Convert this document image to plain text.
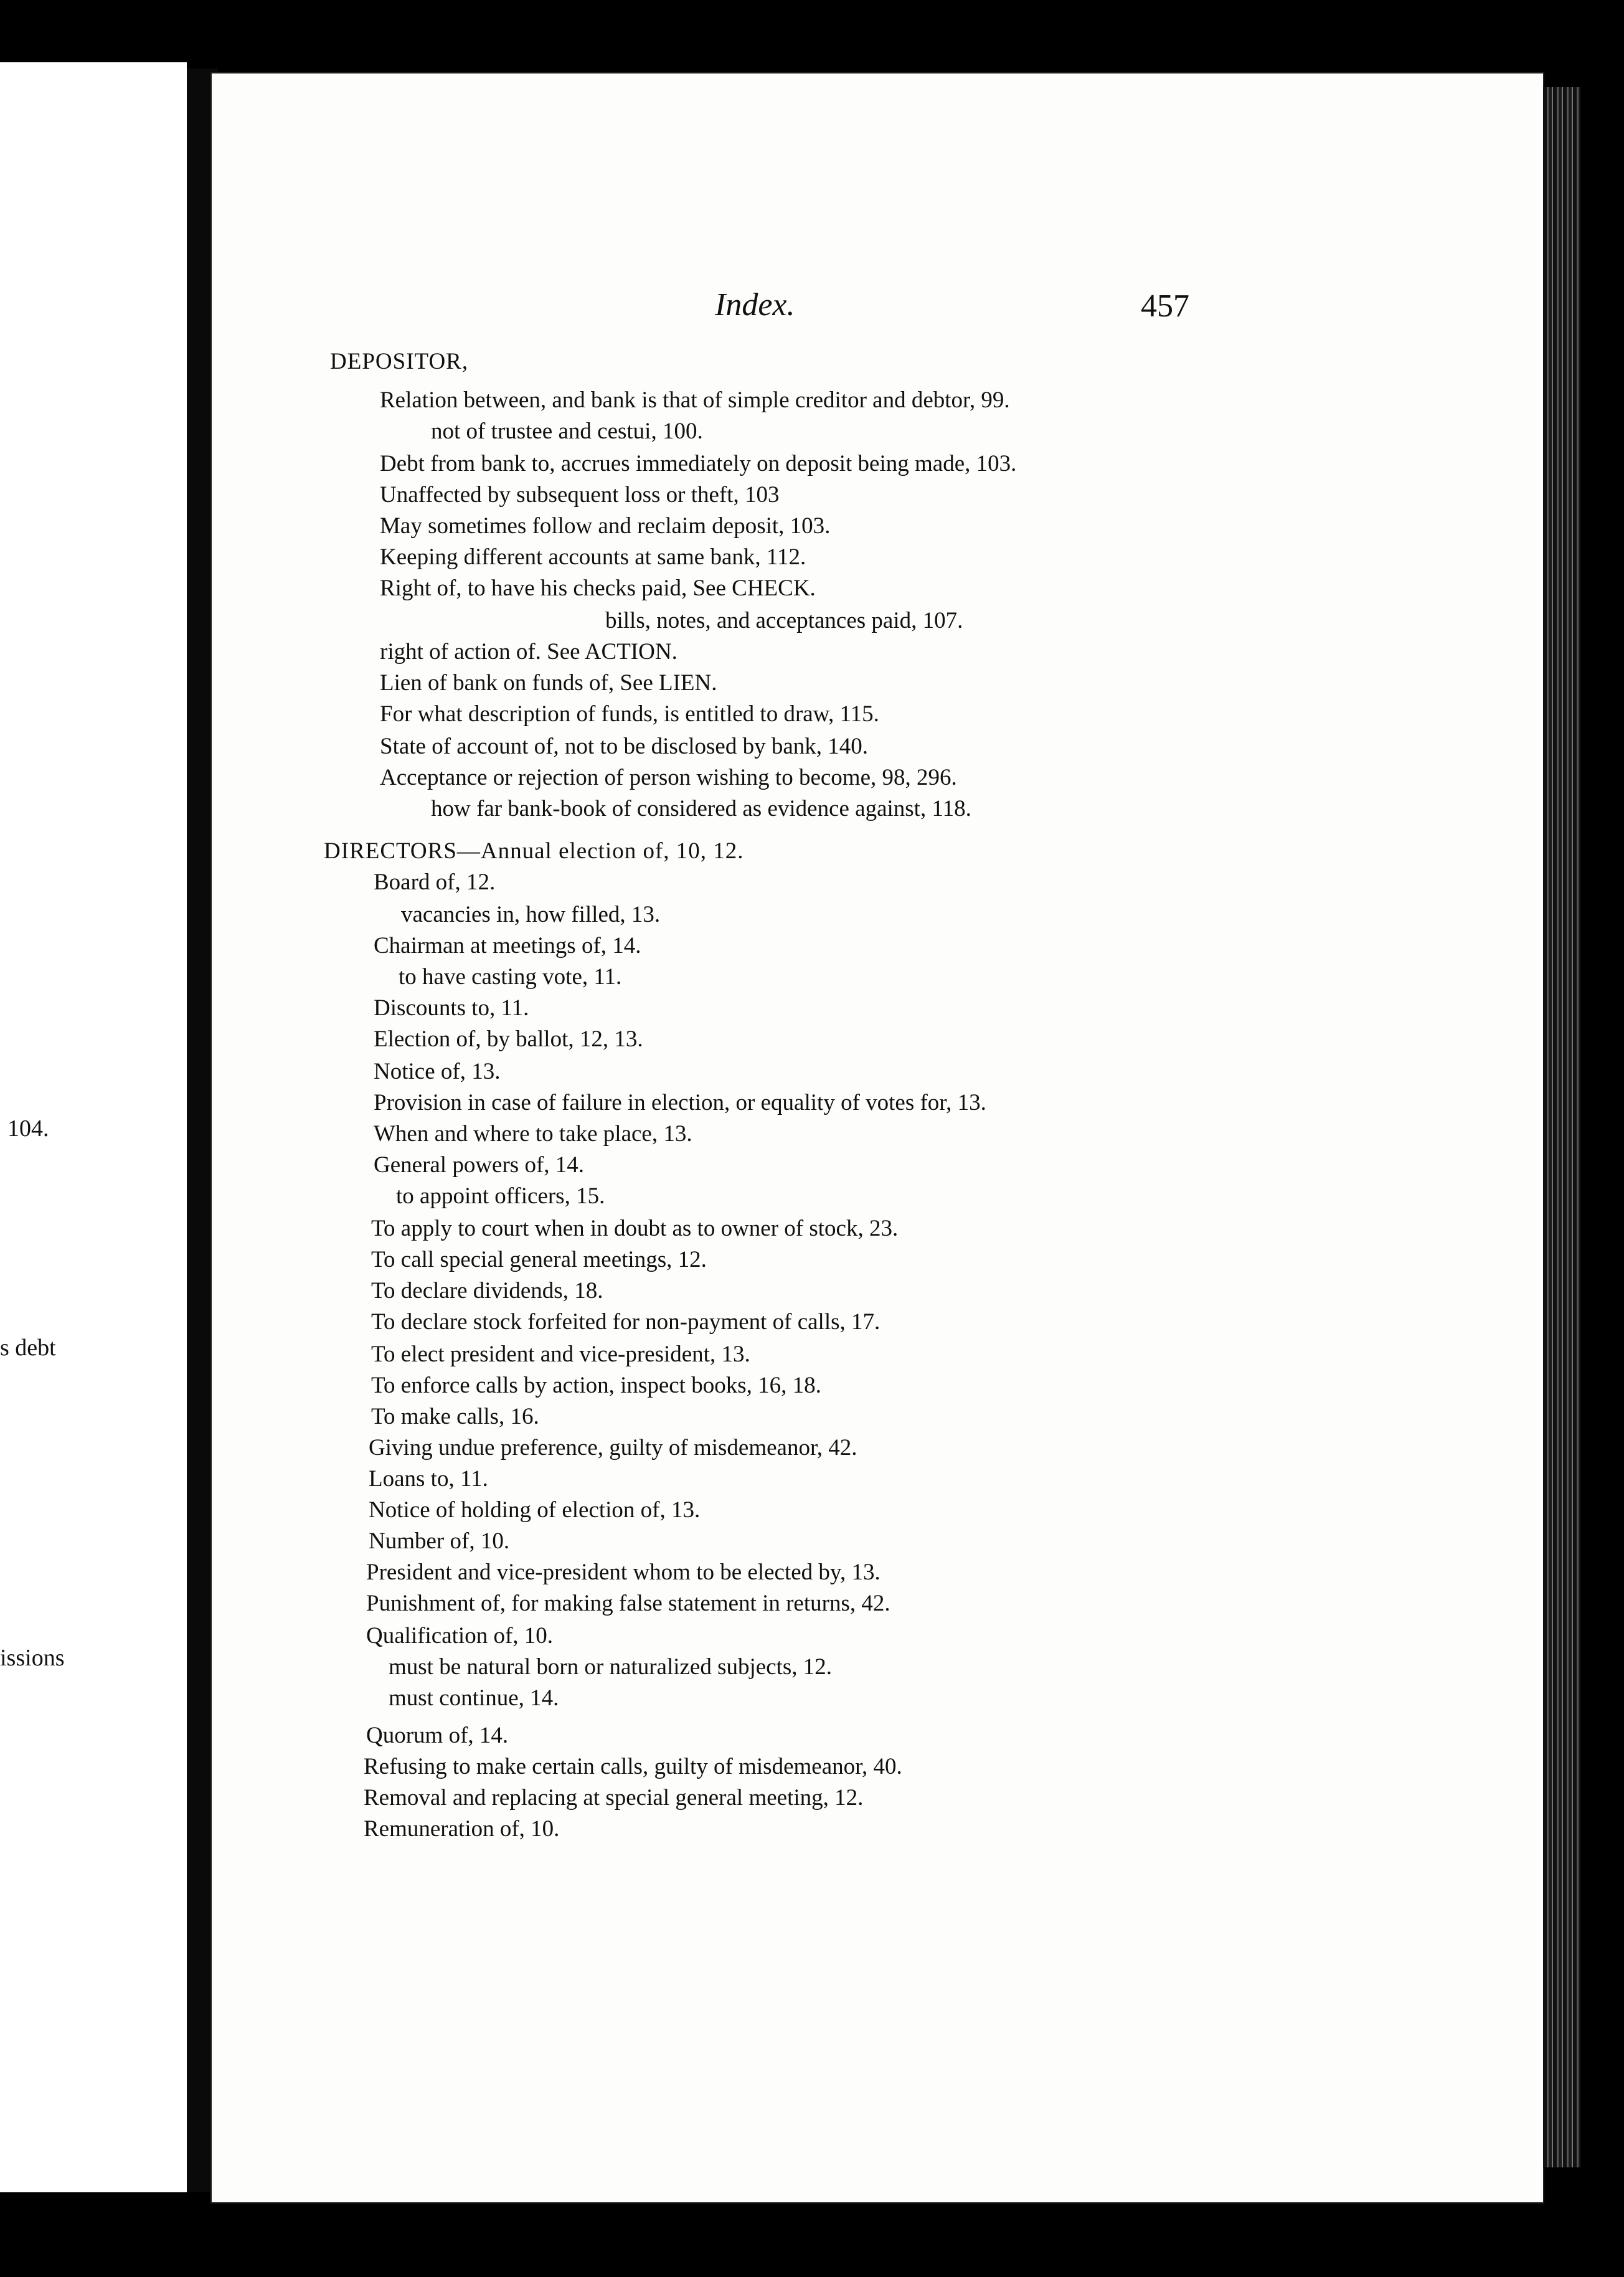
104.
s debt
issions
Index.	457
DEPOSITOR,
Relation between, and bank is that of simple creditor and debtor, 99.
not of trustee and cestui, 100.
Debt from bank to, accrues immediately on deposit being made, 103.
Unaffected by subsequent loss or theft, 103
May sometimes follow and reclaim deposit, 103.
Keeping different accounts at same bank, 112.
Right of, to have his checks paid, See CHECK.
bills, notes, and acceptances paid, 107.
right of action of. See ACTION.
Lien of bank on funds of, See LIEN.
For what description of funds, is entitled to draw, 115.
State of account of, not to be disclosed by bank, 140.
Acceptance or rejection of person wishing to become, 98, 296.
how far bank-book of considered as evidence against, 118.
DIRECTORS—Annual election of, 10, 12.
Board of, 12.
vacancies in, how filled, 13.
Chairman at meetings of, 14.
to have casting vote, 11.
Discounts to, 11.
Election of, by ballot, 12, 13.
Notice of, 13.
Provision in case of failure in election, or equality of votes for, 13.
When and where to take place, 13.
General powers of, 14.
to appoint officers, 15.
To apply to court when in doubt as to owner of stock, 23.
To call special general meetings, 12.
To declare dividends, 18.
To declare stock forfeited for non-payment of calls, 17.
To elect president and vice-president, 13.
To enforce calls by action, inspect books, 16, 18.
To make calls, 16.
Giving undue preference, guilty of misdemeanor, 42.
Loans to, 11.
Notice of holding of election of, 13.
Number of, 10.
President and vice-president whom to be elected by, 13.
Punishment of, for making false statement in returns, 42.
Qualification of, 10.
must be natural born or naturalized subjects, 12.
must continue, 14.
Quorum of, 14.
Refusing to make certain calls, guilty of misdemeanor, 40.
Removal and replacing at special general meeting, 12.
Remuneration of, 10.
